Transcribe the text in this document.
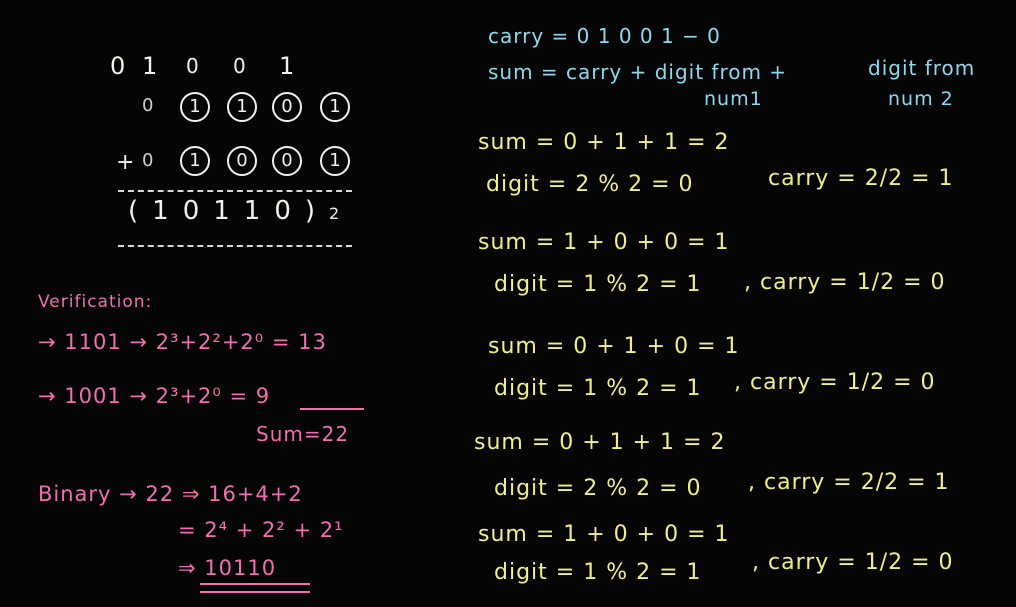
0 1 0 0 1
0	1	1	0	1
+ 0	1	0	0	1
(10110)2
Verification:
→ 1101 → 2³+2²+2⁰ = 13
→ 1001 → 2³+2⁰ = 9
Sum=22
Binary → 22 ⇒ 16+4+2
= 2⁴ + 2² + 2¹
⇒ 10110
carry = 0 1 0 0 1 − 0
sum = carry + digit from +
num1
digit from
num 2
sum = 0 + 1 + 1 = 2
digit = 2 % 2 = 0	carry = 2/2 = 1
sum = 1 + 0 + 0 = 1
digit = 1 % 2 = 1 , carry = 1/2 = 0
sum = 0 + 1 + 0 = 1
digit = 1 % 2 = 1 , carry = 1/2 = 0
sum = 0 + 1 + 1 = 2
digit = 2 % 2 = 0 , carry = 2/2 = 1
sum = 1 + 0 + 0 = 1
digit = 1 % 2 = 1 , carry = 1/2 = 0
